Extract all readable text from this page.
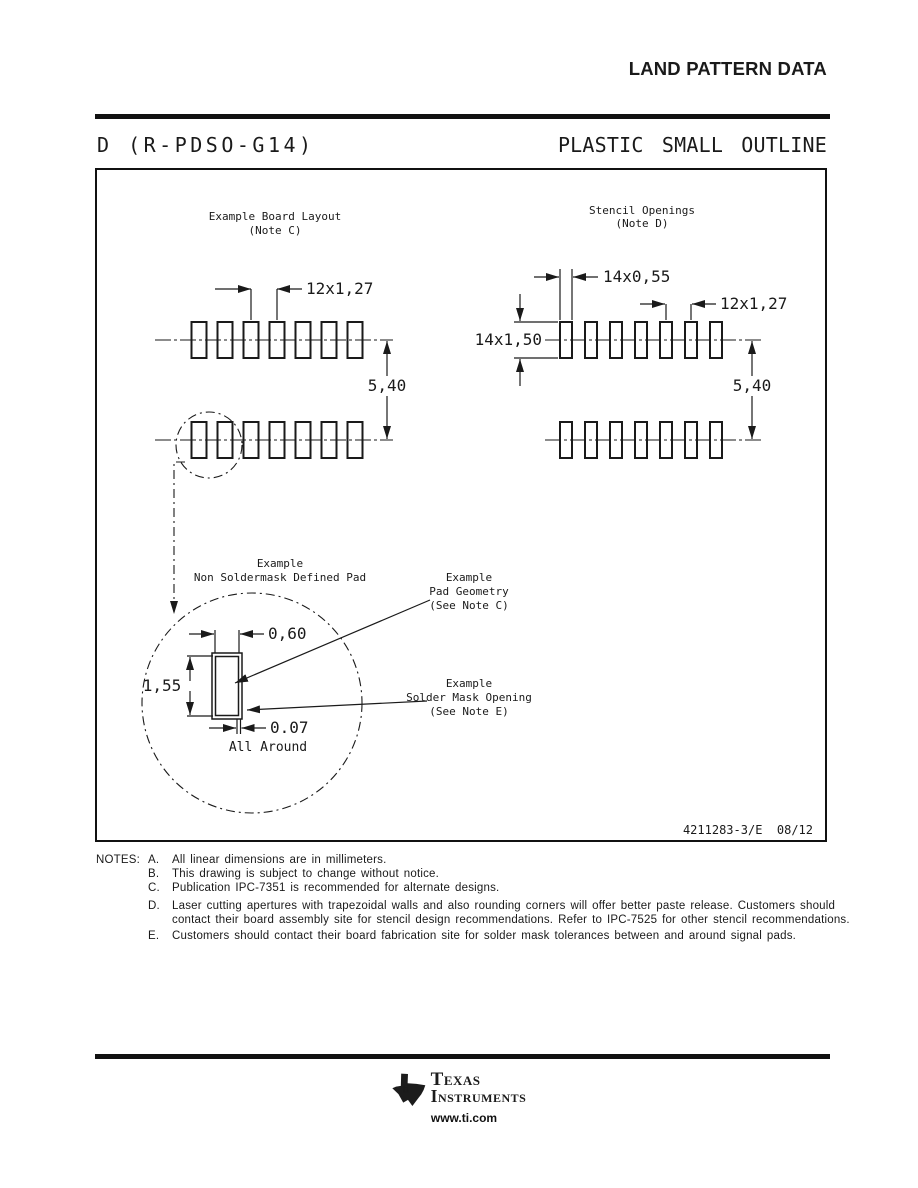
LAND PATTERN DATA
D (R-PDSO-G14)	PLASTIC SMALL OUTLINE
Example Board Layout
(Note C)
12x1,27
5,40
Stencil Openings
(Note D)
14x0,55
14x1,50
12x1,27
5,40
Example
Non Soldermask Defined Pad
0,60
1,55
0.07
All Around
Example
Pad Geometry
(See Note C)
Example
Solder Mask Opening
(See Note E)
4211283-3/E  08/12
NOTES: A.	All linear dimensions are in millimeters.
B.	This drawing is subject to change without notice.
C.	Publication IPC-7351 is recommended for alternate designs.
D.	Laser cutting apertures with trapezoidal walls and also rounding corners will offer better paste release. Customers should contact their board assembly site for stencil design recommendations. Refer to IPC-7525 for other stencil recommendations.
E.	Customers should contact their board fabrication site for solder mask tolerances between and around signal pads.
ti Texas
Instruments
www.ti.com
